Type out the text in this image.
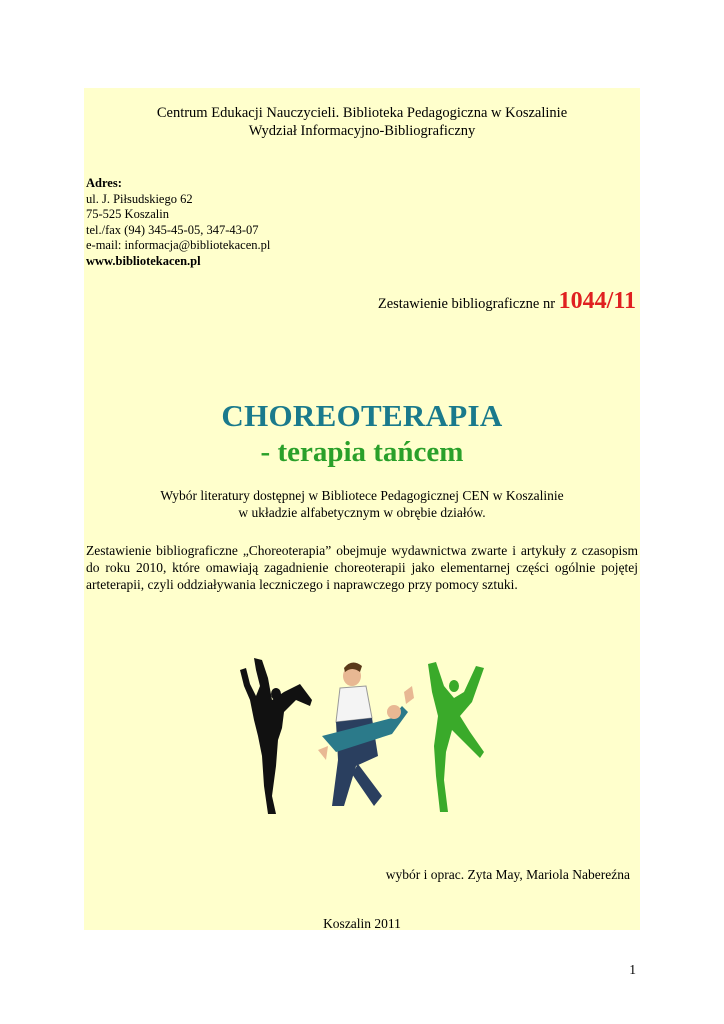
Centrum Edukacji Nauczycieli. Biblioteka Pedagogiczna w Koszalinie
Wydział Informacyjno-Bibliograficzny
Adres:
ul. J. Piłsudskiego 62
75-525 Koszalin
tel./fax (94) 345-45-05, 347-43-07
e-mail: informacja@bibliotekacen.pl
www.bibliotekacen.pl
Zestawienie bibliograficzne nr 1044/11
CHOREOTERAPIA
- terapia tańcem
Wybór literatury dostępnej w Bibliotece Pedagogicznej CEN w Koszalinie
w układzie alfabetycznym w obrębie działów.
Zestawienie bibliograficzne „Choreoterapia” obejmuje wydawnictwa zwarte i artykuły z czasopism do roku 2010, które omawiają zagadnienie choreoterapii jako elementarnej części ogólnie pojętej arteterapii, czyli oddziaływania leczniczego i naprawczego przy pomocy sztuki.
wybór i oprac. Zyta May, Mariola Nabereźna
Koszalin 2011
1
